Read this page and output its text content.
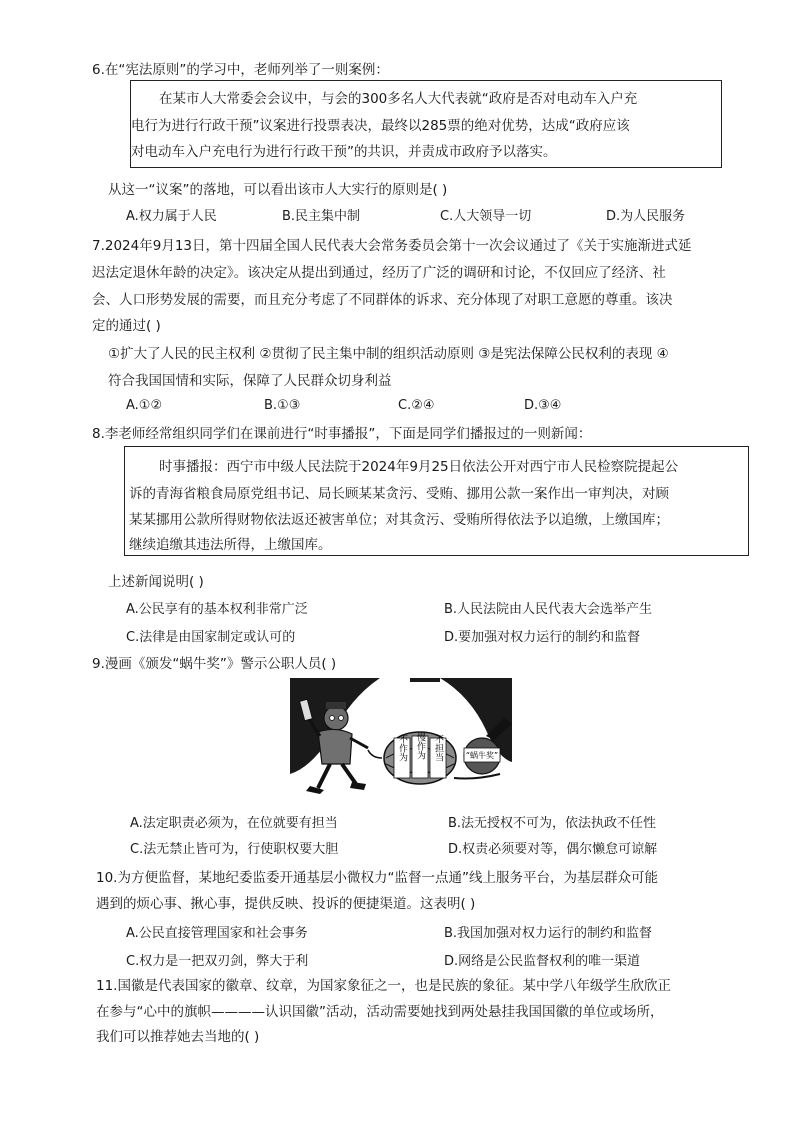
6.在“宪法原则”的学习中，老师列举了一则案例：
在某市人大常委会会议中，与会的300多名人大代表就“政府是否对电动车入户充
电行为进行行政干预”议案进行投票表决，最终以285票的绝对优势，达成“政府应该
对电动车入户充电行为进行行政干预”的共识，并责成市政府予以落实。
从这一“议案”的落地，可以看出该市人大实行的原则是( )
A.权力属于人民	B.民主集中制	C.人大领导一切	D.为人民服务
7.2024年9月13日，第十四届全国人民代表大会常务委员会第十一次会议通过了《关于实施渐进式延
迟法定退休年龄的决定》。该决定从提出到通过，经历了广泛的调研和讨论，不仅回应了经济、社
会、人口形势发展的需要，而且充分考虑了不同群体的诉求、充分体现了对职工意愿的尊重。该决
定的通过( )
①扩大了人民的民主权利 ②贯彻了民主集中制的组织活动原则 ③是宪法保障公民权利的表现 ④
符合我国国情和实际，保障了人民群众切身利益
A.①②	B.①③	C.②④	D.③④
8.李老师经常组织同学们在课前进行“时事播报”，下面是同学们播报过的一则新闻：
时事播报：西宁市中级人民法院于2024年9月25日依法公开对西宁市人民检察院提起公
诉的青海省粮食局原党组书记、局长顾某某贪污、受贿、挪用公款一案作出一审判决，对顾
某某挪用公款所得财物依法返还被害单位；对其贪污、受贿所得依法予以追缴，上缴国库；
继续追缴其违法所得，上缴国库。
上述新闻说明( )
A.公民享有的基本权利非常广泛	B.人民法院由人民代表大会选举产生
C.法律是由国家制定或认可的	D.要加强对权力运行的制约和监督
9.漫画《颁发“蜗牛奖”》警示公职人员( )
不作为 慢作为 不担当	“蜗牛奖”
A.法定职责必须为，在位就要有担当	B.法无授权不可为，依法执政不任性
C.法无禁止皆可为，行使职权要大胆	D.权责必须要对等，偶尔懒怠可谅解
10.为方便监督，某地纪委监委开通基层小微权力“监督一点通”线上服务平台，为基层群众可能
遇到的烦心事、揪心事，提供反映、投诉的便捷渠道。这表明( )
A.公民直接管理国家和社会事务	B.我国加强对权力运行的制约和监督
C.权力是一把双刃剑，弊大于利	D.网络是公民监督权利的唯一渠道
11.国徽是代表国家的徽章、纹章，为国家象征之一，也是民族的象征。某中学八年级学生欣欣正
在参与“心中的旗帜————认识国徽”活动，活动需要她找到两处悬挂我国国徽的单位或场所，
我们可以推荐她去当地的( )
